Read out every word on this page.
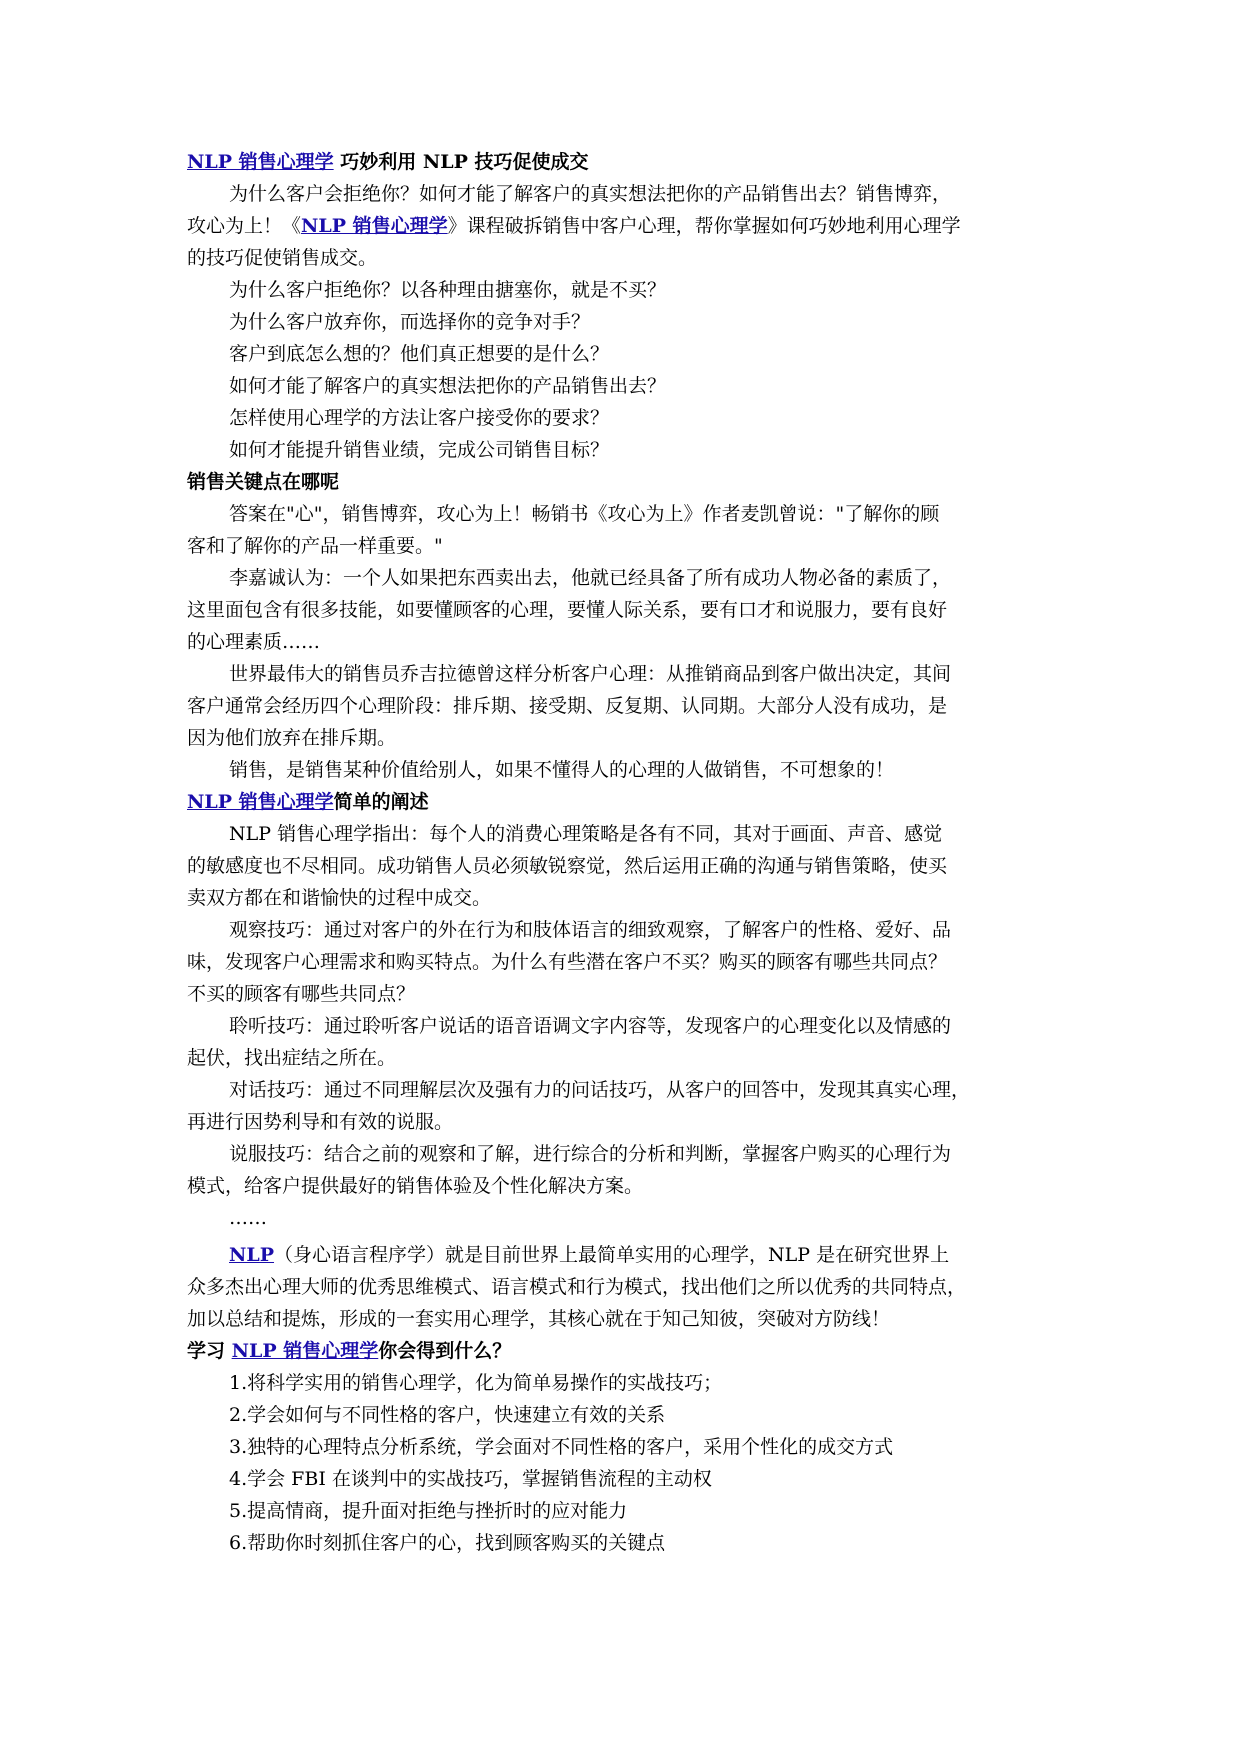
NLP 销售心理学 巧妙利用 NLP 技巧促使成交
为什么客户会拒绝你？如何才能了解客户的真实想法把你的产品销售出去？销售博弈，
攻心为上！《NLP 销售心理学》课程破拆销售中客户心理，帮你掌握如何巧妙地利用心理学
的技巧促使销售成交。
为什么客户拒绝你？以各种理由搪塞你，就是不买？
为什么客户放弃你，而选择你的竞争对手？
客户到底怎么想的？他们真正想要的是什么？
如何才能了解客户的真实想法把你的产品销售出去？
怎样使用心理学的方法让客户接受你的要求？
如何才能提升销售业绩，完成公司销售目标？
销售关键点在哪呢
答案在"心"，销售博弈，攻心为上！畅销书《攻心为上》作者麦凯曾说："了解你的顾
客和了解你的产品一样重要。"
李嘉诚认为：一个人如果把东西卖出去，他就已经具备了所有成功人物必备的素质了，
这里面包含有很多技能，如要懂顾客的心理，要懂人际关系，要有口才和说服力，要有良好
的心理素质……
世界最伟大的销售员乔吉拉德曾这样分析客户心理：从推销商品到客户做出决定，其间
客户通常会经历四个心理阶段：排斥期、接受期、反复期、认同期。大部分人没有成功，是
因为他们放弃在排斥期。
销售，是销售某种价值给别人，如果不懂得人的心理的人做销售，不可想象的！
NLP 销售心理学简单的阐述
NLP 销售心理学指出：每个人的消费心理策略是各有不同，其对于画面、声音、感觉
的敏感度也不尽相同。成功销售人员必须敏锐察觉，然后运用正确的沟通与销售策略，使买
卖双方都在和谐愉快的过程中成交。
观察技巧：通过对客户的外在行为和肢体语言的细致观察，了解客户的性格、爱好、品
味，发现客户心理需求和购买特点。为什么有些潜在客户不买？购买的顾客有哪些共同点？
不买的顾客有哪些共同点？
聆听技巧：通过聆听客户说话的语音语调文字内容等，发现客户的心理变化以及情感的
起伏，找出症结之所在。
对话技巧：通过不同理解层次及强有力的问话技巧，从客户的回答中，发现其真实心理，
再进行因势利导和有效的说服。
说服技巧：结合之前的观察和了解，进行综合的分析和判断，掌握客户购买的心理行为
模式，给客户提供最好的销售体验及个性化解决方案。
……
NLP（身心语言程序学）就是目前世界上最简单实用的心理学，NLP 是在研究世界上
众多杰出心理大师的优秀思维模式、语言模式和行为模式，找出他们之所以优秀的共同特点，
加以总结和提炼，形成的一套实用心理学，其核心就在于知己知彼，突破对方防线！
学习 NLP 销售心理学你会得到什么？
1.将科学实用的销售心理学，化为简单易操作的实战技巧；
2.学会如何与不同性格的客户，快速建立有效的关系
3.独特的心理特点分析系统，学会面对不同性格的客户，采用个性化的成交方式
4.学会 FBI 在谈判中的实战技巧，掌握销售流程的主动权
5.提高情商，提升面对拒绝与挫折时的应对能力
6.帮助你时刻抓住客户的心，找到顾客购买的关键点
